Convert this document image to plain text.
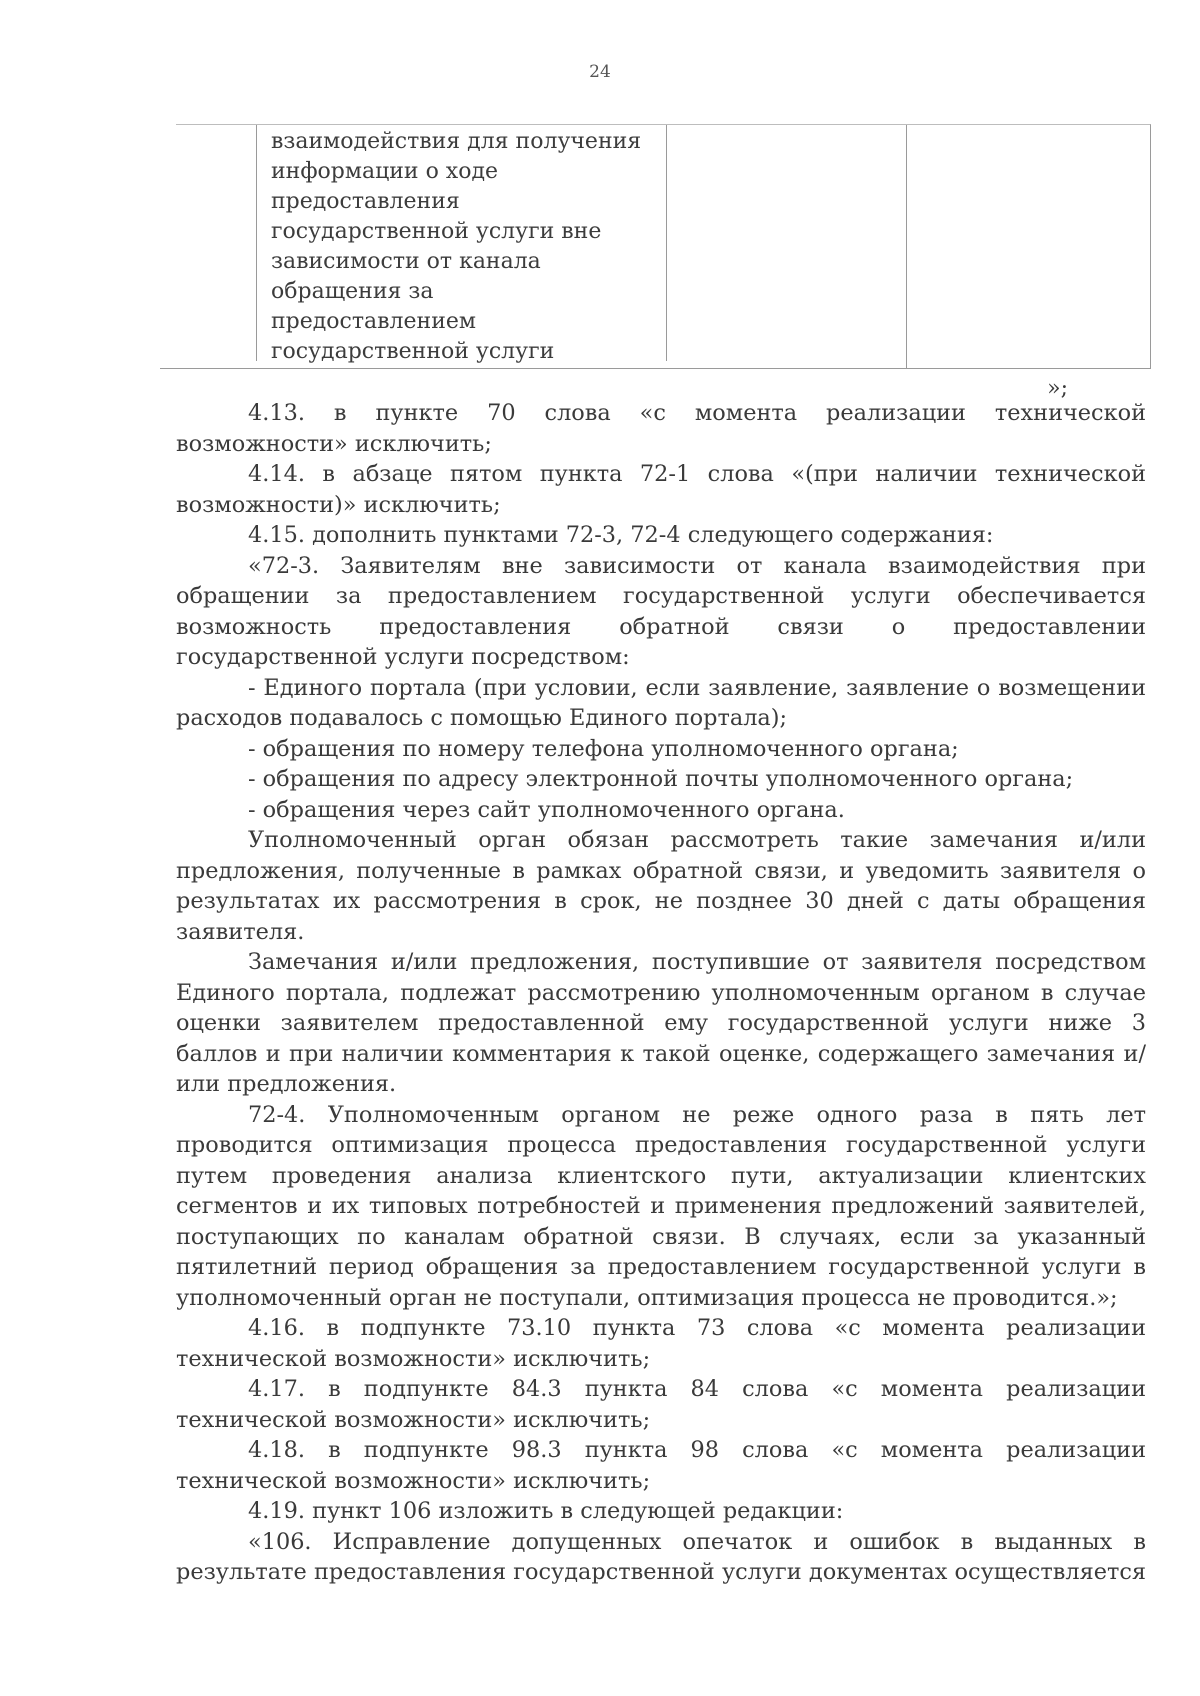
24
взаимодействия для получения
информации о ходе
предоставления
государственной услуги вне
зависимости от канала
обращения за
предоставлением
государственной услуги
»;

4.13. в пункте 70 слова «с момента реализации технической возможности» исключить;

4.14. в абзаце пятом пункта 72-1 слова «(при наличии технической возможности)» исключить;

4.15. дополнить пунктами 72-3, 72-4 следующего содержания:

«72-3. Заявителям вне зависимости от канала взаимодействия при обращении за предоставлением государственной услуги обеспечивается возможность предоставления обратной связи о предоставлении государственной услуги посредством:

- Единого портала (при условии, если заявление, заявление о возмещении расходов подавалось с помощью Единого портала);

- обращения по номеру телефона уполномоченного органа;

- обращения по адресу электронной почты уполномоченного органа;

- обращения через сайт уполномоченного органа.

Уполномоченный орган обязан рассмотреть такие замечания и/или предложения, полученные в рамках обратной связи, и уведомить заявителя о результатах их рассмотрения в срок, не позднее 30 дней с даты обращения заявителя.

Замечания и/или предложения, поступившие от заявителя посредством Единого портала, подлежат рассмотрению уполномоченным органом в случае оценки заявителем предоставленной ему государственной услуги ниже 3 баллов и при наличии комментария к такой оценке, содержащего замечания и/или предложения.

72-4. Уполномоченным органом не реже одного раза в пять лет проводится оптимизация процесса предоставления государственной услуги путем проведения анализа клиентского пути, актуализации клиентских сегментов и их типовых потребностей и применения предложений заявителей, поступающих по каналам обратной связи. В случаях, если за указанный пятилетний период обращения за предоставлением государственной услуги в уполномоченный орган не поступали, оптимизация процесса не проводится.»;

4.16. в подпункте 73.10 пункта 73 слова «с момента реализации технической возможности» исключить;

4.17. в подпункте 84.3 пункта 84 слова «с момента реализации технической возможности» исключить;

4.18. в подпункте 98.3 пункта 98 слова «с момента реализации технической возможности» исключить;

4.19. пункт 106 изложить в следующей редакции:

«106. Исправление допущенных опечаток и ошибок в выданных в результате предоставления государственной услуги документах осуществляется
